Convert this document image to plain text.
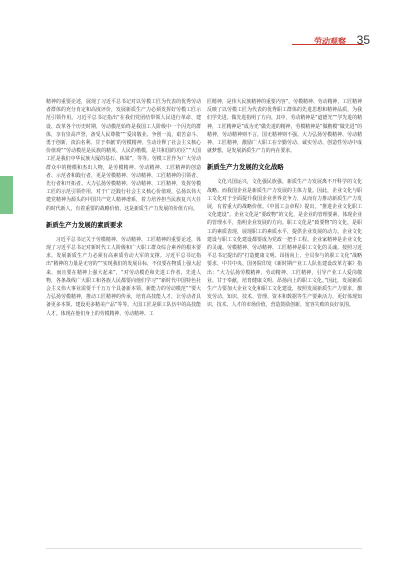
劳动观察 35

精神的重要论述，展现了习近平总书记对以劳模工匠为代表的优秀劳动者群体的充分肯定和高度评价，发展新质生产力必须发挥好劳模工匠示范引领作用。习近平总书记指出“在我们党团结带领人民进行革命、建设、改革各个历史时期，劳动模范始终是我国工人阶级中一个闪光的群体，享有崇高声誉，备受人民尊敬”“‘爱岗敬业、争创一流，艰苦奋斗、勇于创新，淡泊名利、甘于奉献’的劳模精神，生动诠释了社会主义核心价值观”“劳动模范是民族的精英、人民的楷模，是共和国的功臣”“大国工匠是我们中华民族大厦的基石、栋梁”，等等。劳模工匠作为广大劳动群众中的楷模和杰出人物，是劳模精神、劳动精神、工匠精神的创造者、示范者和践行者，更是劳模精神、劳动精神、工匠精神的引领者、先行者和开拓者。大力弘扬劳模精神、劳动精神、工匠精神，发挥劳模工匠的示范引领作用，对于广泛践行社会主义核心价值观，弘扬以伟大建党精神为源头的中国共产党人精神谱系，着力培养担当民族复兴大任的时代新人，有着重要的战略价值，这是新质生产力发展的价值方向。

新质生产力发展的素质要求

习近平总书记关于劳模精神、劳动精神、工匠精神的重要论述，体现了习近平总书记对新时代工人阶级和广大职工群众综合素养的根本要求。发展新质生产力必须有高素质劳动大军的支撑。习近平总书记指出“精神的力量是无穷的”“实现我们的发展目标，不仅要在物质上强大起来，而且要在精神上强大起来”，“对劳动模范和先进工作者、先进人物，各条战线广大职工和各族人民都要向他们学习”“新时代中国特色社会主义伟大事业需要千千万万个具备新本领、新能力的劳动模范”“要大力弘扬劳模精神，推动工匠精神的传承，培育高技能人才，让劳动者具备更多本领、建设更多精美产品”等等。大国工匠是职工队伍中的高技能人才。体现在他们身上的劳模精神、劳动精神、工

匠精神，是伟大民族精神的重要内容”。劳模精神、劳动精神、工匠精神反映了以劳模工匠为代表的优秀职工群体的先进思想和精神品质，为我们学先进、做先进指明了方向。其中，劳动精神是“道德光”“学先进的精神，工匠精神是”成为光“做先进的精神，劳模精神是”做楷模“做先进”的精神，劳动精神则不言，国无精神则不强。大力弘扬劳模精神、劳动精神、工匠精神，激励广大职工在辛勤劳动、诚实劳动、创造性劳动中成就梦想，是发展新质生产力的内在要求。

新质生产力发展的文化战略

文化兴国运兴，文化强民族强。新质生产力发展离不开科学的文化战略。而我国企业是新质生产力发展的主体力量。因此，企业文化与职工文化对于全面提升我国企业世界竞争力，从而有力推动新质生产力发展，有着重大的战略价值。《中国工会章程》提出，“推进企业文化职工文化建设”。企业文化是“要政物”的文化，是企业的管理要素，体现企业的管理水平，指明企业发展的方向。职工文化是“致要物”的文化，是职工的素质表现，展现职工的素质水平，提供企业发展的动力。企业文化建设与职工文化建设都要成为党政一把手工程。企业家精神是企业文化的灵魂。劳模精神、劳动精神、工匠精神是职工文化的灵魂。按照习近平总书记提出的“打造健康文明、昂扬向上，全员参与的职工文化”战略要求，中共中央、国务院印发《新时期产业工人队伍建设改革方案》指出：“大力弘扬劳模精神、劳动精神、工匠精神，引导产业工人爱岗敬业、甘于奉献，培育健康文明、昂扬向上的职工文化。”因此，发展新质生产力要加大企业文化和职工文化建设，按照发展新质生产力要求，激发劳动、知识、技术、管理、资本和数据等生产要素活力，更好体现知识、技术、人才的市场价值，营造鼓励创新、宽容失败的良好氛围。
